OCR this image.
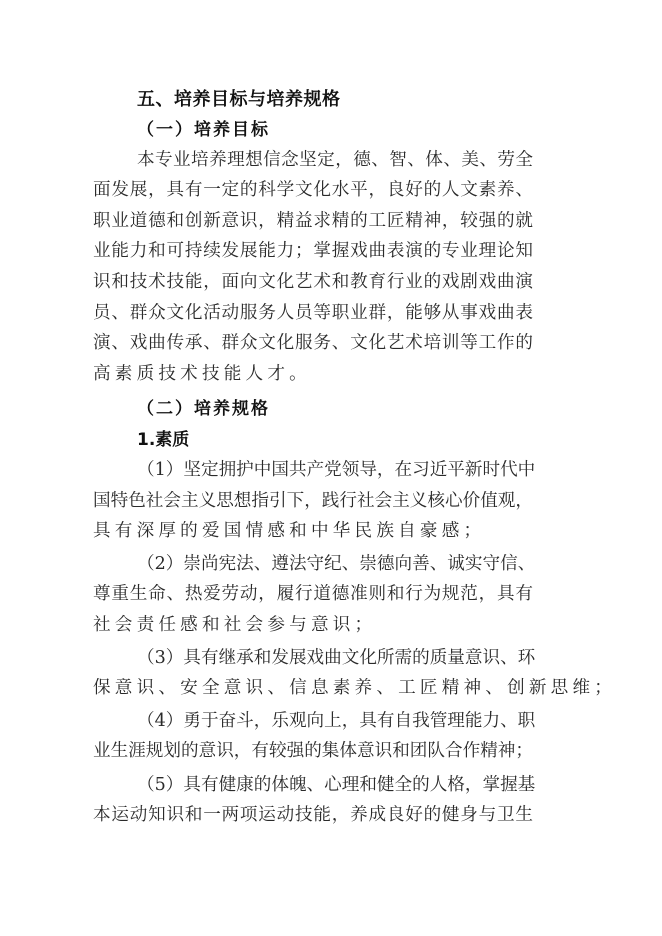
五、培养目标与培养规格
（一）培养目标
本专业培养理想信念坚定，德、智、体、美、劳全
面发展，具有一定的科学文化水平，良好的人文素养、
职业道德和创新意识，精益求精的工匠精神，较强的就
业能力和可持续发展能力；掌握戏曲表演的专业理论知
识和技术技能，面向文化艺术和教育行业的戏剧戏曲演
员、群众文化活动服务人员等职业群，能够从事戏曲表
演、戏曲传承、群众文化服务、文化艺术培训等工作的
高素质技术技能人才。
（二）培养规格
1.素质
（1）坚定拥护中国共产党领导，在习近平新时代中
国特色社会主义思想指引下，践行社会主义核心价值观，
具有深厚的爱国情感和中华民族自豪感；
（2）崇尚宪法、遵法守纪、崇德向善、诚实守信、
尊重生命、热爱劳动，履行道德准则和行为规范，具有
社会责任感和社会参与意识；
（3）具有继承和发展戏曲文化所需的质量意识、环
保意识、安全意识、信息素养、工匠精神、创新思维；
（4）勇于奋斗，乐观向上，具有自我管理能力、职
业生涯规划的意识，有较强的集体意识和团队合作精神；
（5）具有健康的体魄、心理和健全的人格，掌握基
本运动知识和一两项运动技能，养成良好的健身与卫生
